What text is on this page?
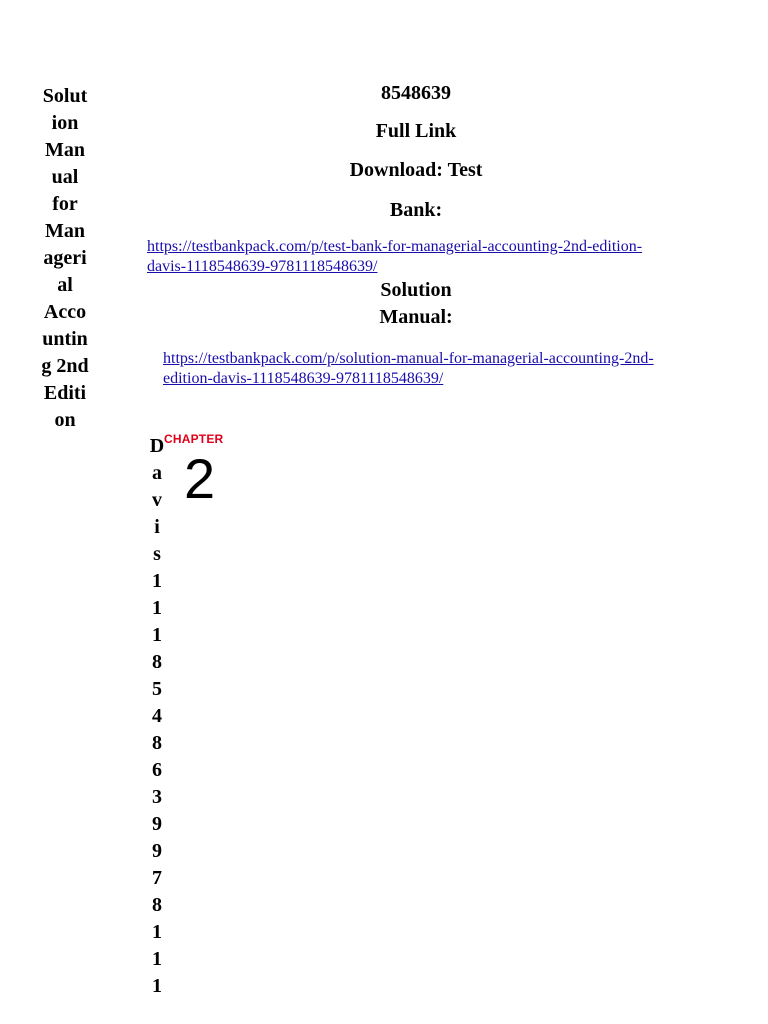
Solut
ion
Man
ual
for
Man
ageri
al
Acco
untin
g 2nd
Editi
on
8548639
Full Link
Download: Test
Bank:
https://testbankpack.com/p/test-bank-for-managerial-accounting-2nd-edition-davis-1118548639-9781118548639/
Solution
Manual:
https://testbankpack.com/p/solution-manual-for-managerial-accounting-2nd-edition-davis-1118548639-9781118548639/
D
a
v
i
s
1
1
1
8
5
4
8
6
3
9
9
7
8
1
1
1
CHAPTER
2
